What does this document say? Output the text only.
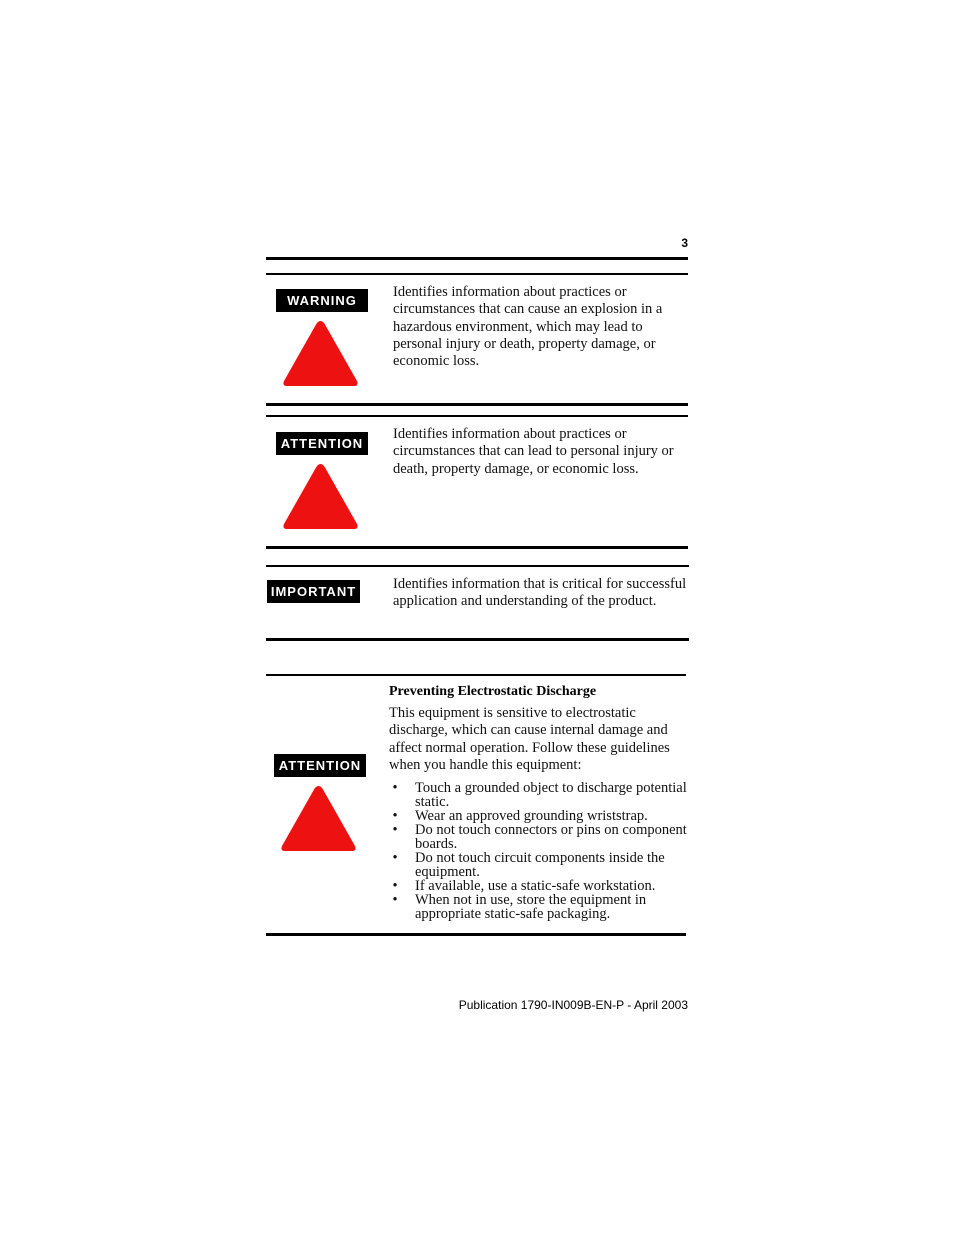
3
WARNING
Identifies information about practices or circumstances that can cause an explosion in a hazardous environment, which may lead to personal injury or death, property damage, or economic loss.
ATTENTION
Identifies information about practices or circumstances that can lead to personal injury or death, property damage, or economic loss.
IMPORTANT	Identifies information that is critical for successful application and understanding of the product.
Preventing Electrostatic Discharge
This equipment is sensitive to electrostatic discharge, which can cause internal damage and affect normal operation. Follow these guidelines when you handle this equipment:
ATTENTION
• Touch a grounded object to discharge potential static.
• Wear an approved grounding wriststrap.
• Do not touch connectors or pins on component boards.
• Do not touch circuit components inside the equipment.
• If available, use a static-safe workstation.
• When not in use, store the equipment in appropriate static-safe packaging.
Publication 1790-IN009B-EN-P - April 2003
